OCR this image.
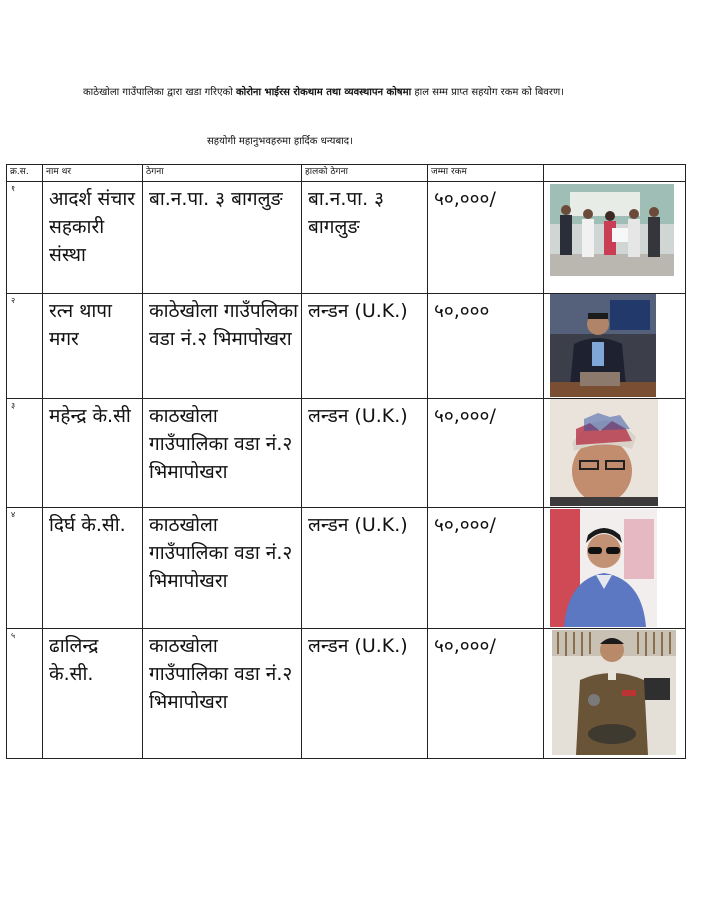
काठेखोला गाउँपालिका द्वारा खडा गरिएको कोरोना भाईरस रोकथाम तथा व्यवस्थापन कोषमा हाल सम्म प्राप्त सहयोग रकम को बिवरण।
सहयोगी महानुभवहरुमा हार्दिक धन्यबाद।
क्र.स.	नाम थर	ठेगना	हालको ठेगना	जम्मा रकम	
१	आदर्श संचार सहकारी संस्था	बा.न.पा. ३ बागलुङ	बा.न.पा. ३ बागलुङ	५०,०००/	

२	रत्न थापा मगर	काठेखोला गाउँपलिका वडा नं.२ भिमापोखरा	लन्डन (U.K.)	५०,०००	

३	महेन्द्र के.सी	काठखोला गाउँपालिका वडा नं.२ भिमापोखरा	लन्डन (U.K.)	५०,०००/	

४	दिर्घ के.सी.	काठखोला गाउँपालिका वडा नं.२ भिमापोखरा	लन्डन (U.K.)	५०,०००/	

५	ढालिन्द्र के.सी.	काठखोला गाउँपालिका वडा नं.२ भिमापोखरा	लन्डन (U.K.)	५०,०००/	
